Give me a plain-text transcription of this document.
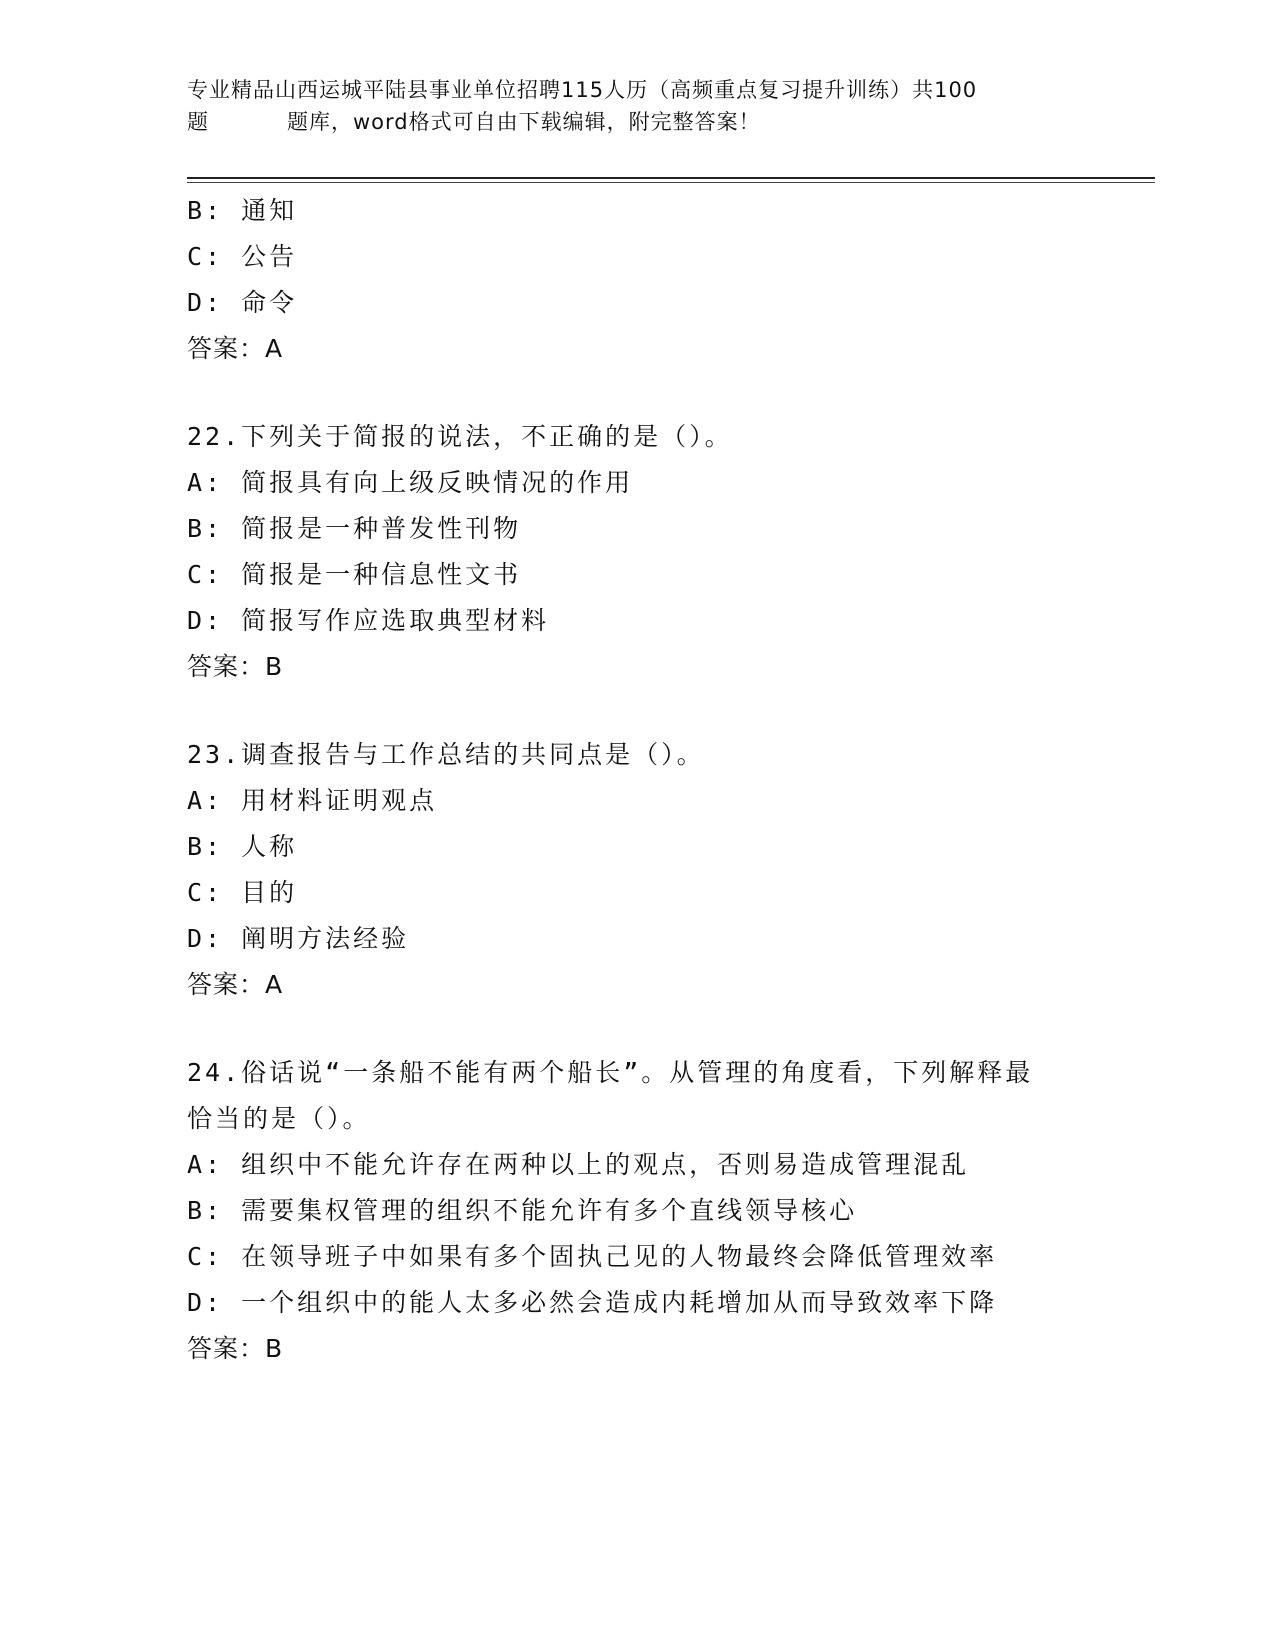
专业精品山西运城平陆县事业单位招聘115人历（高频重点复习提升训练）共100
题	题库，word格式可自由下载编辑，附完整答案！
B: 通知
C: 公告
D: 命令
答案：A
22.下列关于简报的说法，不正确的是（）。
A: 简报具有向上级反映情况的作用
B: 简报是一种普发性刊物
C: 简报是一种信息性文书
D: 简报写作应选取典型材料
答案：B
23.调查报告与工作总结的共同点是（）。
A: 用材料证明观点
B: 人称
C: 目的
D: 阐明方法经验
答案：A
24.俗话说“一条船不能有两个船长”。从管理的角度看，下列解释最
恰当的是（）。
A: 组织中不能允许存在两种以上的观点，否则易造成管理混乱
B: 需要集权管理的组织不能允许有多个直线领导核心
C: 在领导班子中如果有多个固执己见的人物最终会降低管理效率
D: 一个组织中的能人太多必然会造成内耗增加从而导致效率下降
答案：B
